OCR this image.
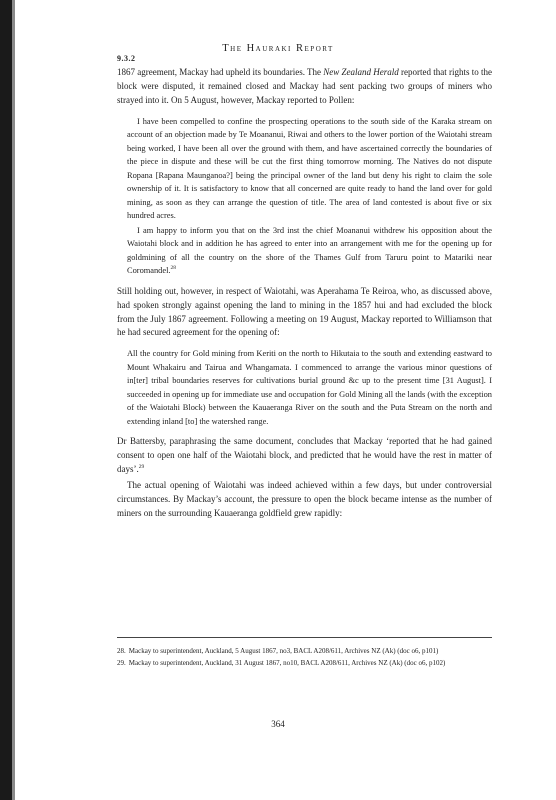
The Hauraki Report
9.3.2

1867 agreement, Mackay had upheld its boundaries. The New Zealand Herald reported that rights to the block were disputed, it remained closed and Mackay had sent packing two groups of miners who strayed into it. On 5 August, however, Mackay reported to Pollen:

I have been compelled to confine the prospecting operations to the south side of the Karaka stream on account of an objection made by Te Moananui, Riwai and others to the lower portion of the Waiotahi stream being worked, I have been all over the ground with them, and have ascertained correctly the boundaries of the piece in dispute and these will be cut the first thing tomorrow morning. The Natives do not dispute Ropana [Rapana Maunganoa?] being the principal owner of the land but deny his right to claim the sole ownership of it. It is satisfactory to know that all concerned are quite ready to hand the land over for gold mining, as soon as they can arrange the question of title. The area of land contested is about five or six hundred acres.
I am happy to inform you that on the 3rd inst the chief Moananui withdrew his opposition about the Waiotahi block and in addition he has agreed to enter into an arrangement with me for the opening up for goldmining of all the country on the shore of the Thames Gulf from Taruru point to Matariki near Coromandel.$^{28}$

Still holding out, however, in respect of Waiotahi, was Aperahama Te Reiroa, who, as discussed above, had spoken strongly against opening the land to mining in the 1857 hui and had excluded the block from the July 1867 agreement. Following a meeting on 19 August, Mackay reported to Williamson that he had secured agreement for the opening of:

All the country for Gold mining from Keriti on the north to Hikutaia to the south and extending eastward to Mount Whakairu and Tairua and Whangamata. I commenced to arrange the various minor questions of in[ter] tribal boundaries reserves for cultivations burial ground &c up to the present time [31 August]. I succeeded in opening up for immediate use and occupation for Gold Mining all the lands (with the exception of the Waiotahi Block) between the Kauaeranga River on the south and the Puta Stream on the north and extending inland [to] the watershed range.

Dr Battersby, paraphrasing the same document, concludes that Mackay ‘reported that he had gained consent to open one half of the Waiotahi block, and predicted that he would have the rest in matter of days’.$^{29}$

The actual opening of Waiotahi was indeed achieved within a few days, but under controversial circumstances. By Mackay’s account, the pressure to open the block became intense as the number of miners on the surrounding Kauaeranga goldfield grew rapidly:

28. Mackay to superintendent, Auckland, 5 August 1867, no3, BACL A208/611, Archives NZ (Ak) (doc o6, p101)
29. Mackay to superintendent, Auckland, 31 August 1867, no10, BACL A208/611, Archives NZ (Ak) (doc o6, p102)
364
